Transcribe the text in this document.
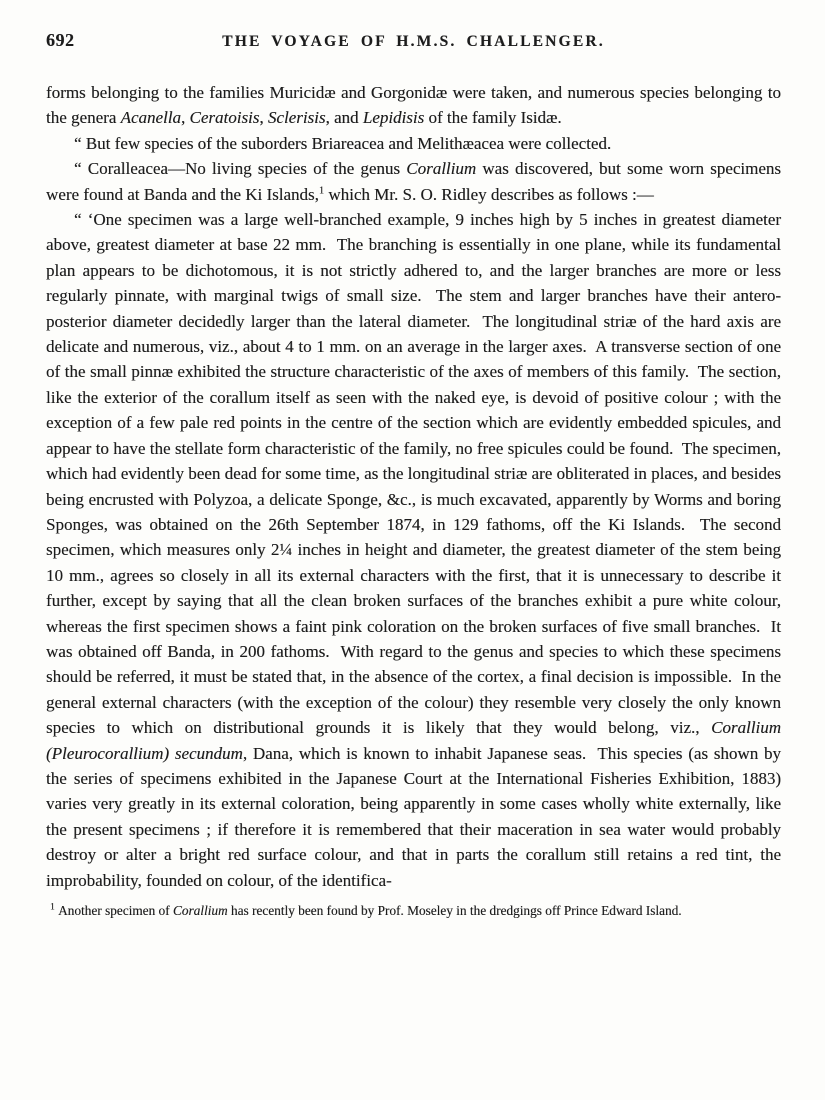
692	THE VOYAGE OF H.M.S. CHALLENGER.

forms belonging to the families Muricidæ and Gorgonidæ were taken, and numerous species belonging to the genera Acanella, Ceratoisis, Sclerisis, and Lepidisis of the family Isidæ.

“ But few species of the suborders Briareacea and Melithæacea were collected.

“ Coralleacea—No living species of the genus Corallium was discovered, but some worn specimens were found at Banda and the Ki Islands,$^1$ which Mr. S. O. Ridley describes as follows :—

“ ‘One specimen was a large well-branched example, 9 inches high by 5 inches in greatest diameter above, greatest diameter at base 22 mm.  The branching is essentially in one plane, while its fundamental plan appears to be dichotomous, it is not strictly adhered to, and the larger branches are more or less regularly pinnate, with marginal twigs of small size.  The stem and larger branches have their antero-posterior diameter decidedly larger than the lateral diameter.  The longitudinal striæ of the hard axis are delicate and numerous, viz., about 4 to 1 mm. on an average in the larger axes.  A transverse section of one of the small pinnæ exhibited the structure characteristic of the axes of members of this family.  The section, like the exterior of the corallum itself as seen with the naked eye, is devoid of positive colour ; with the exception of a few pale red points in the centre of the section which are evidently embedded spicules, and appear to have the stellate form characteristic of the family, no free spicules could be found.  The specimen, which had evidently been dead for some time, as the longitudinal striæ are obliterated in places, and besides being encrusted with Polyzoa, a delicate Sponge, &c., is much excavated, apparently by Worms and boring Sponges, was obtained on the 26th September 1874, in 129 fathoms, off the Ki Islands.  The second specimen, which measures only 2¼ inches in height and diameter, the greatest diameter of the stem being 10 mm., agrees so closely in all its external characters with the first, that it is unnecessary to describe it further, except by saying that all the clean broken surfaces of the branches exhibit a pure white colour, whereas the first specimen shows a faint pink coloration on the broken surfaces of five small branches.  It was obtained off Banda, in 200 fathoms.  With regard to the genus and species to which these specimens should be referred, it must be stated that, in the absence of the cortex, a final decision is impossible.  In the general external characters (with the exception of the colour) they resemble very closely the only known species to which on distributional grounds it is likely that they would belong, viz., Corallium (Pleurocorallium) secundum, Dana, which is known to inhabit Japanese seas.  This species (as shown by the series of specimens exhibited in the Japanese Court at the International Fisheries Exhibition, 1883) varies very greatly in its external coloration, being apparently in some cases wholly white externally, like the present specimens ; if therefore it is remembered that their maceration in sea water would probably destroy or alter a bright red surface colour, and that in parts the corallum still retains a red tint, the improbability, founded on colour, of the identifica-

$^1$ Another specimen of Corallium has recently been found by Prof. Moseley in the dredgings off Prince Edward Island.
